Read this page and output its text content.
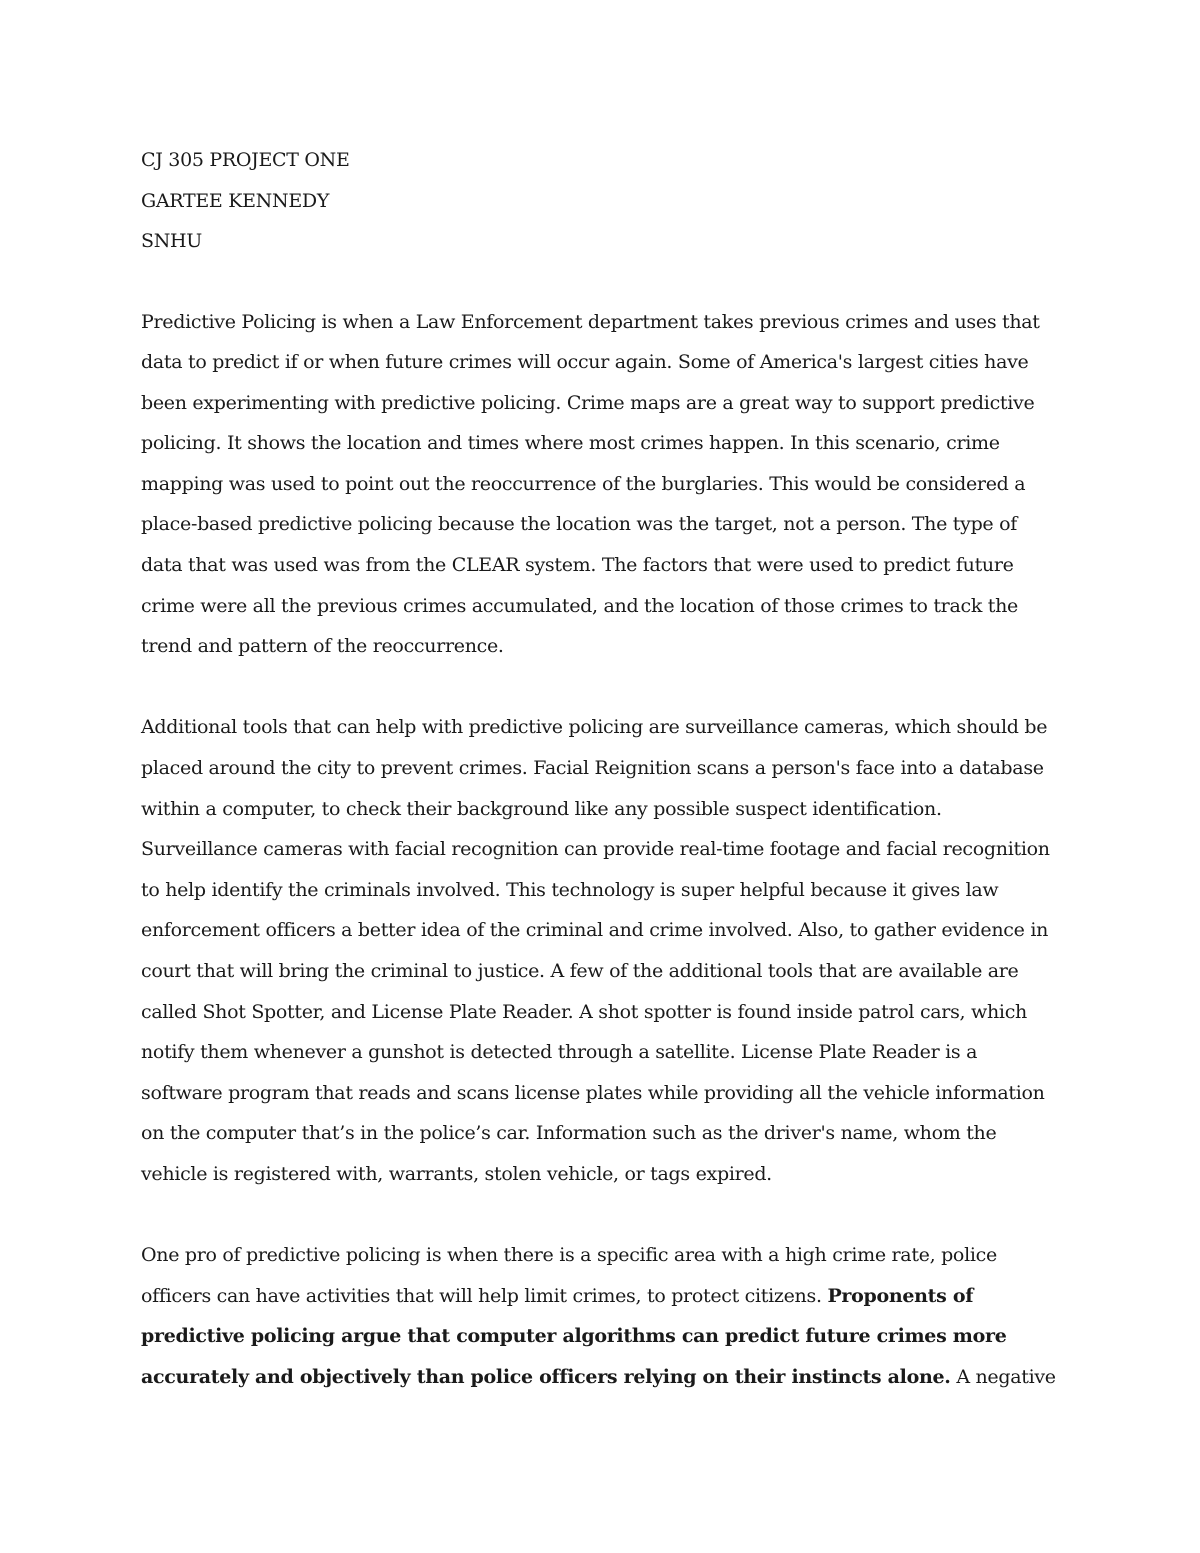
CJ 305 PROJECT ONE

GARTEE KENNEDY

SNHU

Predictive Policing is when a Law Enforcement department takes previous crimes and uses that
data to predict if or when future crimes will occur again. Some of America's largest cities have
been experimenting with predictive policing. Crime maps are a great way to support predictive
policing. It shows the location and times where most crimes happen. In this scenario, crime
mapping was used to point out the reoccurrence of the burglaries. This would be considered a
place-based predictive policing because the location was the target, not a person. The type of
data that was used was from the CLEAR system. The factors that were used to predict future
crime were all the previous crimes accumulated, and the location of those crimes to track the
trend and pattern of the reoccurrence.

Additional tools that can help with predictive policing are surveillance cameras, which should be
placed around the city to prevent crimes. Facial Reignition scans a person's face into a database
within a computer, to check their background like any possible suspect identification.
Surveillance cameras with facial recognition can provide real-time footage and facial recognition
to help identify the criminals involved. This technology is super helpful because it gives law
enforcement officers a better idea of the criminal and crime involved. Also, to gather evidence in
court that will bring the criminal to justice. A few of the additional tools that are available are
called Shot Spotter, and License Plate Reader. A shot spotter is found inside patrol cars, which
notify them whenever a gunshot is detected through a satellite. License Plate Reader is a
software program that reads and scans license plates while providing all the vehicle information
on the computer that’s in the police’s car. Information such as the driver's name, whom the
vehicle is registered with, warrants, stolen vehicle, or tags expired.

One pro of predictive policing is when there is a specific area with a high crime rate, police
officers can have activities that will help limit crimes, to protect citizens. Proponents of
predictive policing argue that computer algorithms can predict future crimes more
accurately and objectively than police officers relying on their instincts alone. A negative
